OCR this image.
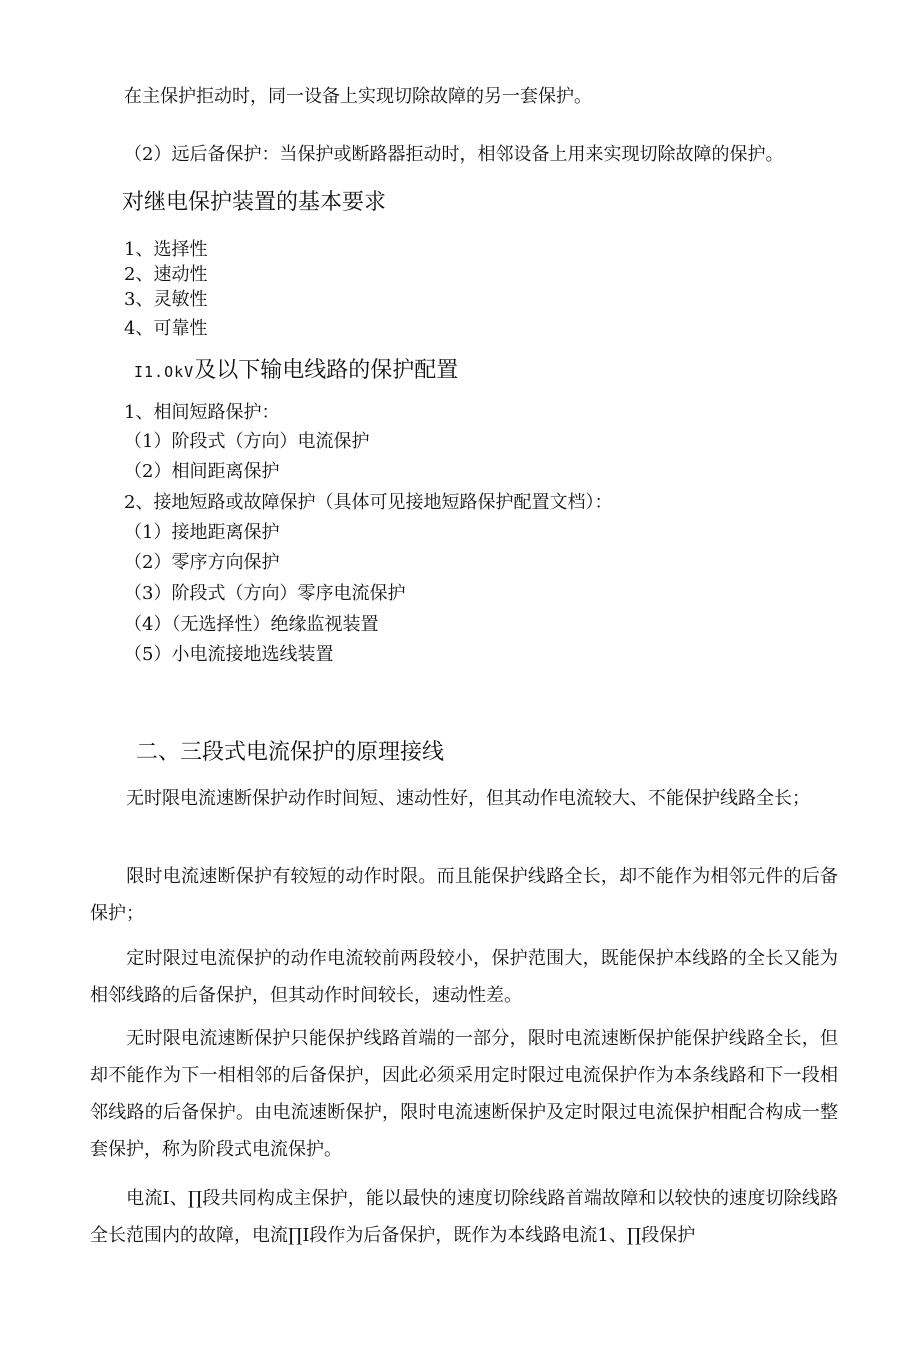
在主保护拒动时，同一设备上实现切除故障的另一套保护。
（2）远后备保护：当保护或断路器拒动时，相邻设备上用来实现切除故障的保护。
对继电保护装置的基本要求
1、选择性
2、速动性
3、灵敏性
4、可靠性
I1.OkV及以下输电线路的保护配置
1、相间短路保护：
（1）阶段式（方向）电流保护
（2）相间距离保护
2、接地短路或故障保护（具体可见接地短路保护配置文档）：
（1）接地距离保护
（2）零序方向保护
（3）阶段式（方向）零序电流保护
（4）（无选择性）绝缘监视装置
（5）小电流接地选线装置
二、三段式电流保护的原理接线
无时限电流速断保护动作时间短、速动性好，但其动作电流较大、不能保护线路全长；
限时电流速断保护有较短的动作时限。而且能保护线路全长，却不能作为相邻元件的后备保护；
定时限过电流保护的动作电流较前两段较小，保护范围大，既能保护本线路的全长又能为相邻线路的后备保护，但其动作时间较长，速动性差。
无时限电流速断保护只能保护线路首端的一部分，限时电流速断保护能保护线路全长，但却不能作为下一相相邻的后备保护，因此必须采用定时限过电流保护作为本条线路和下一段相邻线路的后备保护。由电流速断保护，限时电流速断保护及定时限过电流保护相配合构成一整套保护，称为阶段式电流保护。
电流I、∏段共同构成主保护，能以最快的速度切除线路首端故障和以较快的速度切除线路全长范围内的故障，电流∏I段作为后备保护，既作为本线路电流1、∏段保护
